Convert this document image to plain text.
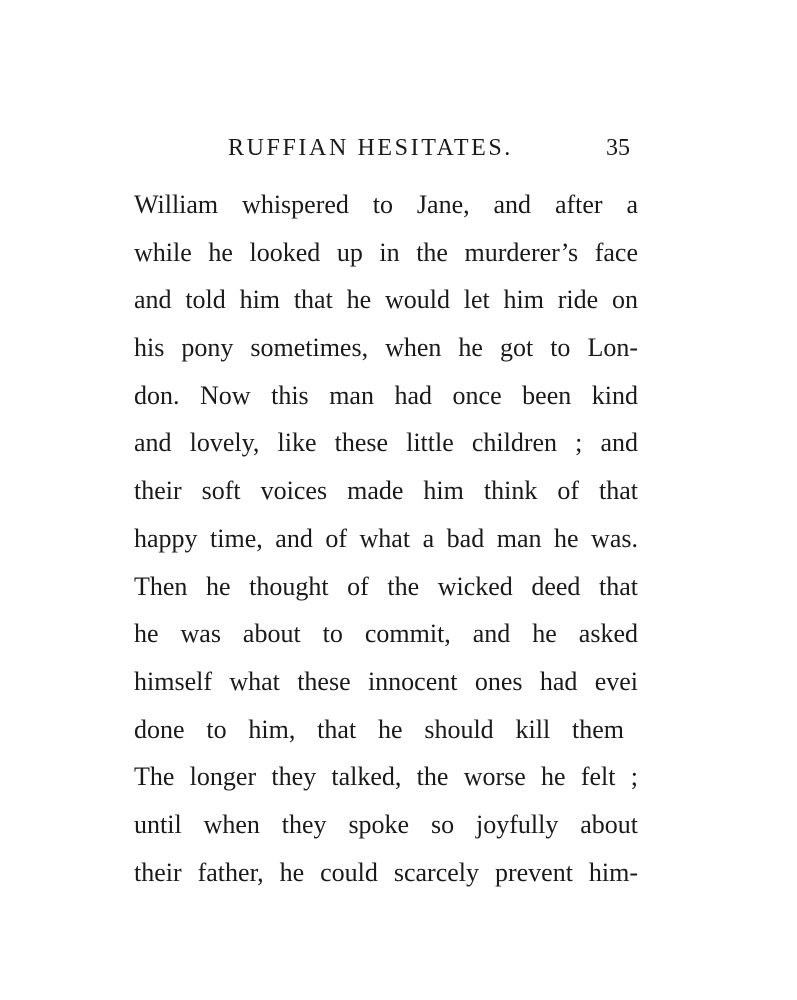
RUFFIAN HESITATES.	35
William whispered to Jane, and after a
while he looked up in the murderer’s face
and told him that he would let him ride on
his pony sometimes, when he got to Lon-
don. Now this man had once been kind
and lovely, like these little children ; and
their soft voices made him think of that
happy time, and of what a bad man he was.
Then he thought of the wicked deed that
he was about to commit, and he asked
himself what these innocent ones had evei
done to him, that he should kill them
The longer they talked, the worse he felt ;
until when they spoke so joyfully about
their father, he could scarcely prevent him-
